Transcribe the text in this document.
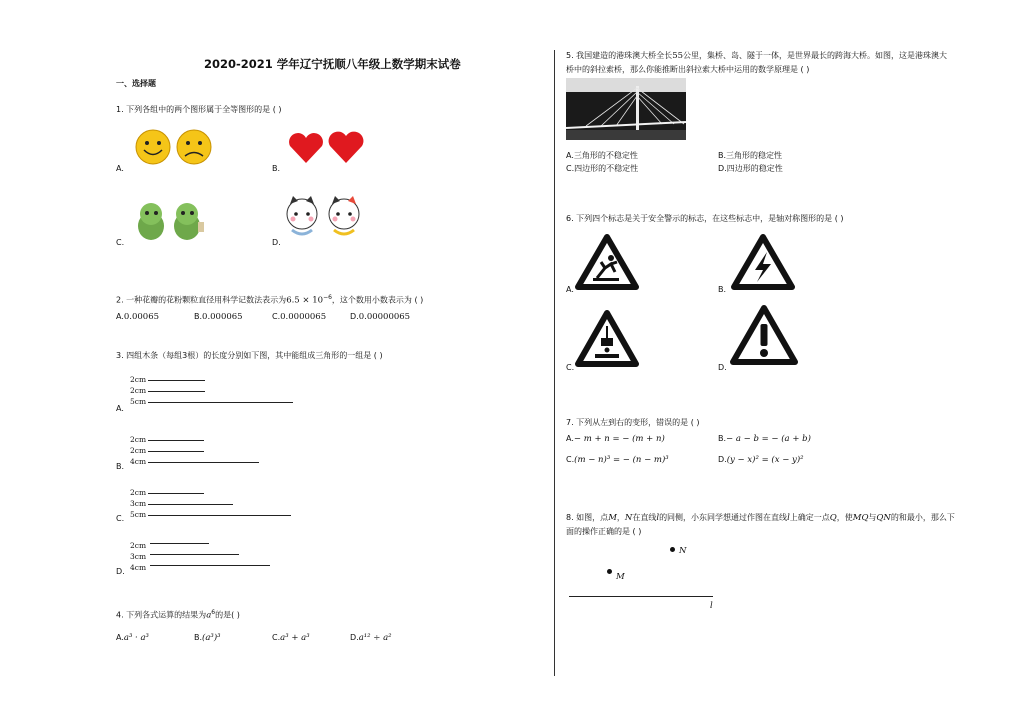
2020-2021 学年辽宁抚顺八年级上数学期末试卷
一、选择题
1. 下列各组中的两个图形属于全等图形的是 ( )
A.	B.
C.	D.
2. 一种花瓣的花粉颗粒直径用科学记数法表示为$6.5 \times 10^{-6}$，这个数用小数表示为 ( )
A.0.00065	B.0.000065	C.0.0000065	D.0.00000065
3. 四组木条（每组3根）的长度分别如下图，其中能组成三角形的一组是 ( )
2cm
2cm
5cm
A.
2cm
2cm
4cm
B.
2cm
3cm
5cm
C.
2cm
3cm
4cm
D.
4. 下列各式运算的结果为$a^6$的是( )
A.a³ · a³	B.(a³)³	C.a³ + a³	D.a¹² ÷ a²
5. 我国建造的港珠澳大桥全长55公里，集桥、岛、隧于一体，是世界最长的跨海大桥。如图，这是港珠澳大
桥中的斜拉索桥，那么你能推断出斜拉索大桥中运用的数学原理是 ( )
A.三角形的不稳定性	B.三角形的稳定性
C.四边形的不稳定性	D.四边形的稳定性
6. 下列四个标志是关于安全警示的标志，在这些标志中，是轴对称图形的是 ( )
A.	B.
C.	D.
7. 下列从左到右的变形，错误的是 ( )
A.− m + n = − (m + n)	B.− a − b = − (a + b)
C.(m − n)³ = − (n − m)³	D.(y − x)² = (x − y)²
8. 如图，点M，N在直线l的同侧，小东同学想通过作图在直线l上确定一点Q，使MQ与QN的和最小，那么下
面的操作正确的是 ( )
N
M
l
